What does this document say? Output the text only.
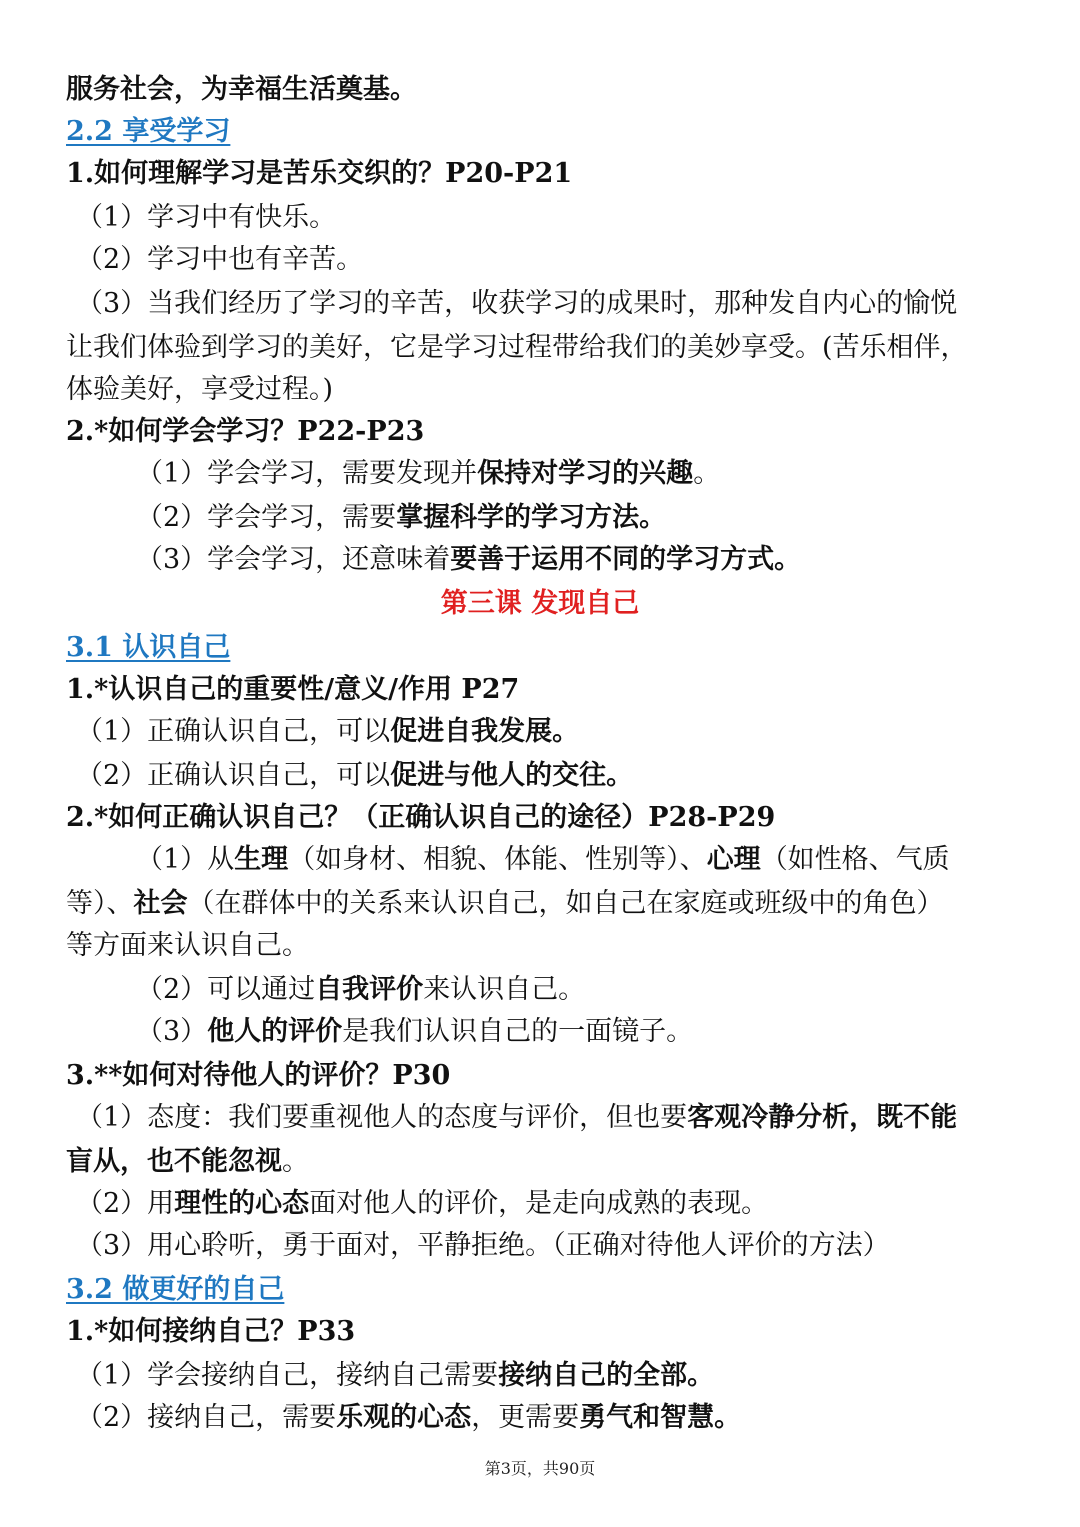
服务社会，为幸福生活奠基。
2.2 享受学习
1.如何理解学习是苦乐交织的？P20-P21
（1）学习中有快乐。
（2）学习中也有辛苦。
（3）当我们经历了学习的辛苦，收获学习的成果时，那种发自内心的愉悦
让我们体验到学习的美好，它是学习过程带给我们的美妙享受。(苦乐相伴，
体验美好，享受过程。)
2.*如何学会学习？P22-P23
（1）学会学习，需要发现并保持对学习的兴趣。
（2）学会学习，需要掌握科学的学习方法。
（3）学会学习，还意味着要善于运用不同的学习方式。
第三课 发现自己
3.1 认识自己
1.*认识自己的重要性/意义/作用 P27
（1）正确认识自己，可以促进自我发展。
（2）正确认识自己，可以促进与他人的交往。
2.*如何正确认识自己？（正确认识自己的途径）P28-P29
（1）从生理（如身材、相貌、体能、性别等）、心理（如性格、气质
等）、社会（在群体中的关系来认识自己，如自己在家庭或班级中的角色）
等方面来认识自己。
（2）可以通过自我评价来认识自己。
（3）他人的评价是我们认识自己的一面镜子。
3.**如何对待他人的评价？P30
（1）态度：我们要重视他人的态度与评价，但也要客观冷静分析，既不能
盲从，也不能忽视。
（2）用理性的心态面对他人的评价，是走向成熟的表现。
（3）用心聆听，勇于面对，平静拒绝。（正确对待他人评价的方法）
3.2 做更好的自己
1.*如何接纳自己？P33
（1）学会接纳自己，接纳自己需要接纳自己的全部。
（2）接纳自己，需要乐观的心态，更需要勇气和智慧。
第3页，共90页
